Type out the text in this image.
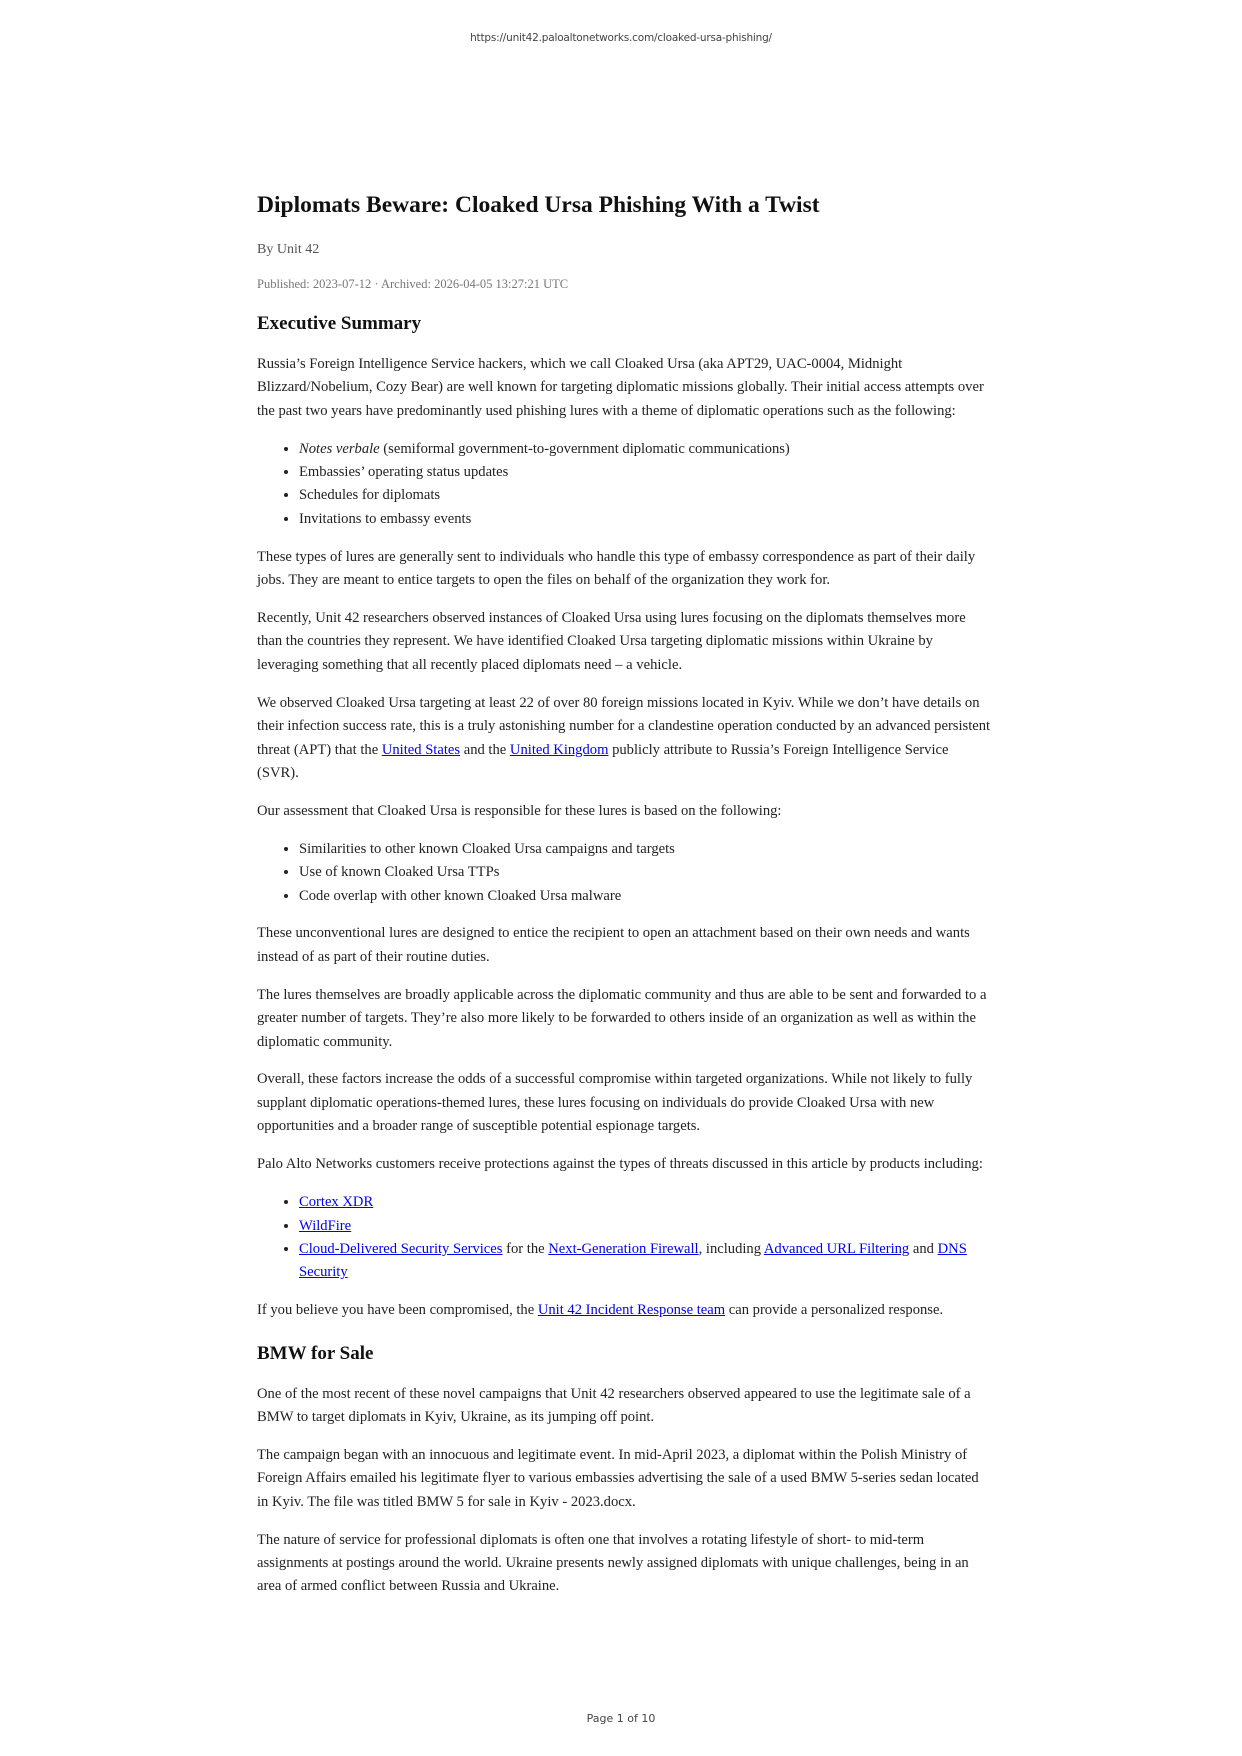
https://unit42.paloaltonetworks.com/cloaked-ursa-phishing/
Diplomats Beware: Cloaked Ursa Phishing With a Twist
By Unit 42
Published: 2023-07-12 · Archived: 2026-04-05 13:27:21 UTC
Executive Summary

Russia’s Foreign Intelligence Service hackers, which we call Cloaked Ursa (aka APT29, UAC-0004, Midnight Blizzard/Nobelium, Cozy Bear) are well known for targeting diplomatic missions globally. Their initial access attempts over the past two years have predominantly used phishing lures with a theme of diplomatic operations such as the following:

• Notes verbale (semiformal government-to-government diplomatic communications)
• Embassies’ operating status updates
• Schedules for diplomats
• Invitations to embassy events

These types of lures are generally sent to individuals who handle this type of embassy correspondence as part of their daily jobs. They are meant to entice targets to open the files on behalf of the organization they work for.

Recently, Unit 42 researchers observed instances of Cloaked Ursa using lures focusing on the diplomats themselves more than the countries they represent. We have identified Cloaked Ursa targeting diplomatic missions within Ukraine by leveraging something that all recently placed diplomats need – a vehicle.

We observed Cloaked Ursa targeting at least 22 of over 80 foreign missions located in Kyiv. While we don’t have details on their infection success rate, this is a truly astonishing number for a clandestine operation conducted by an advanced persistent threat (APT) that the United States and the United Kingdom publicly attribute to Russia’s Foreign Intelligence Service (SVR).

Our assessment that Cloaked Ursa is responsible for these lures is based on the following:

• Similarities to other known Cloaked Ursa campaigns and targets
• Use of known Cloaked Ursa TTPs
• Code overlap with other known Cloaked Ursa malware

These unconventional lures are designed to entice the recipient to open an attachment based on their own needs and wants instead of as part of their routine duties.

The lures themselves are broadly applicable across the diplomatic community and thus are able to be sent and forwarded to a greater number of targets. They’re also more likely to be forwarded to others inside of an organization as well as within the diplomatic community.

Overall, these factors increase the odds of a successful compromise within targeted organizations. While not likely to fully supplant diplomatic operations-themed lures, these lures focusing on individuals do provide Cloaked Ursa with new opportunities and a broader range of susceptible potential espionage targets.

Palo Alto Networks customers receive protections against the types of threats discussed in this article by products including:

• Cortex XDR
• WildFire
• Cloud-Delivered Security Services for the Next-Generation Firewall, including Advanced URL Filtering and DNS Security

If you believe you have been compromised, the Unit 42 Incident Response team can provide a personalized response.

BMW for Sale

One of the most recent of these novel campaigns that Unit 42 researchers observed appeared to use the legitimate sale of a BMW to target diplomats in Kyiv, Ukraine, as its jumping off point.

The campaign began with an innocuous and legitimate event. In mid-April 2023, a diplomat within the Polish Ministry of Foreign Affairs emailed his legitimate flyer to various embassies advertising the sale of a used BMW 5-series sedan located in Kyiv. The file was titled BMW 5 for sale in Kyiv - 2023.docx.

The nature of service for professional diplomats is often one that involves a rotating lifestyle of short- to mid-term assignments at postings around the world. Ukraine presents newly assigned diplomats with unique challenges, being in an area of armed conflict between Russia and Ukraine.

Page 1 of 10
